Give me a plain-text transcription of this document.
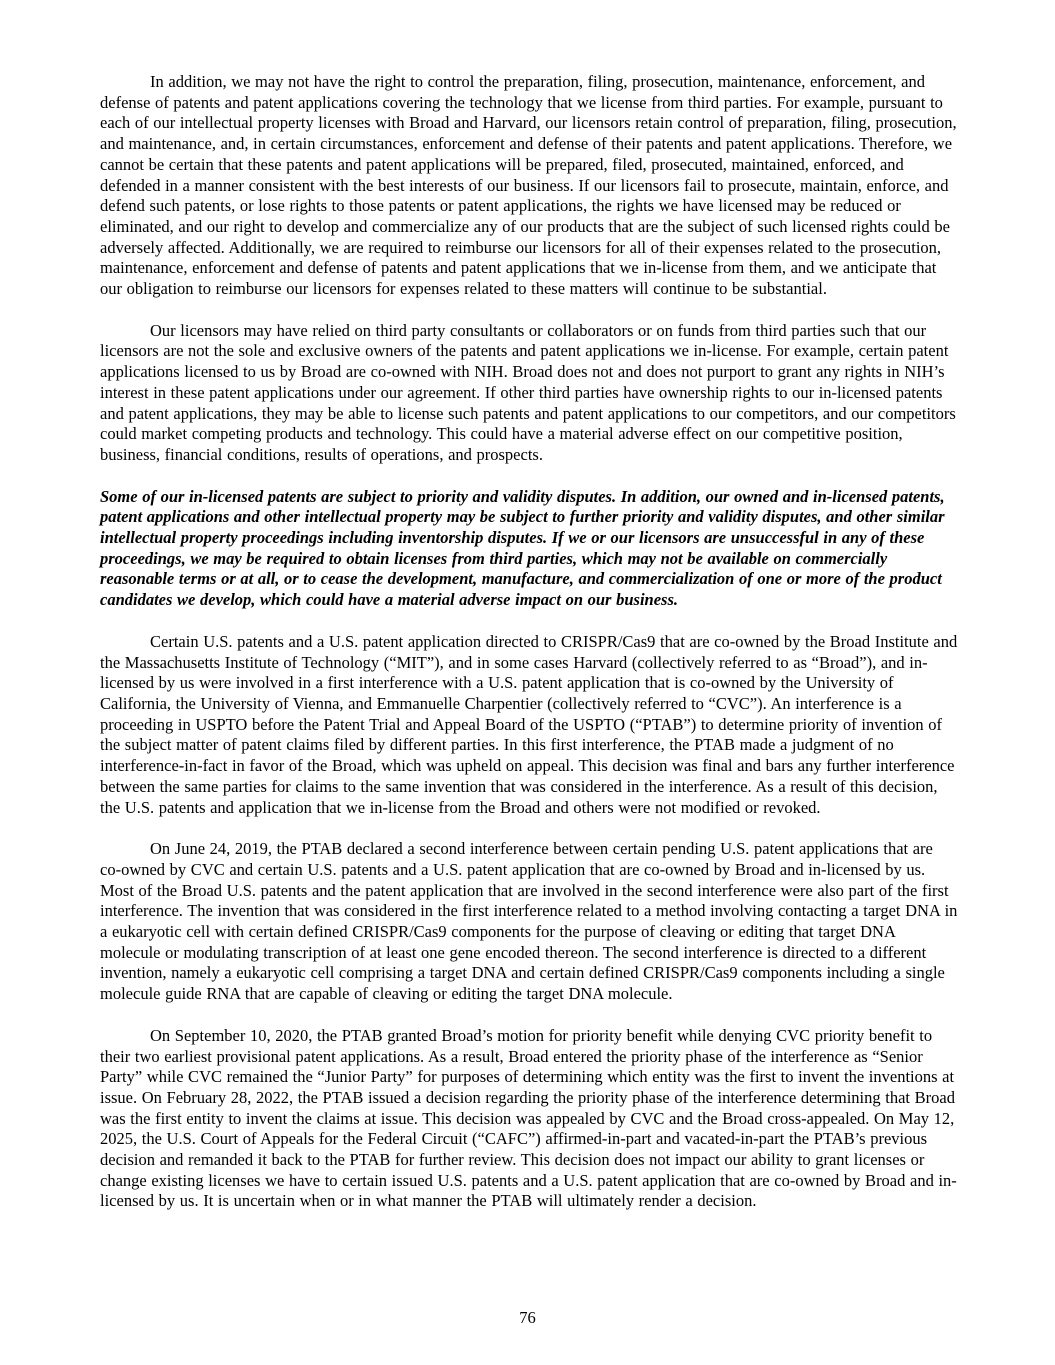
In addition, we may not have the right to control the preparation, filing, prosecution, maintenance, enforcement, and defense of patents and patent applications covering the technology that we license from third parties. For example, pursuant to each of our intellectual property licenses with Broad and Harvard, our licensors retain control of preparation, filing, prosecution, and maintenance, and, in certain circumstances, enforcement and defense of their patents and patent applications. Therefore, we cannot be certain that these patents and patent applications will be prepared, filed, prosecuted, maintained, enforced, and defended in a manner consistent with the best interests of our business. If our licensors fail to prosecute, maintain, enforce, and defend such patents, or lose rights to those patents or patent applications, the rights we have licensed may be reduced or eliminated, and our right to develop and commercialize any of our products that are the subject of such licensed rights could be adversely affected. Additionally, we are required to reimburse our licensors for all of their expenses related to the prosecution, maintenance, enforcement and defense of patents and patent applications that we in-license from them, and we anticipate that our obligation to reimburse our licensors for expenses related to these matters will continue to be substantial.

Our licensors may have relied on third party consultants or collaborators or on funds from third parties such that our licensors are not the sole and exclusive owners of the patents and patent applications we in-license. For example, certain patent applications licensed to us by Broad are co-owned with NIH. Broad does not and does not purport to grant any rights in NIH’s interest in these patent applications under our agreement. If other third parties have ownership rights to our in-licensed patents and patent applications, they may be able to license such patents and patent applications to our competitors, and our competitors could market competing products and technology. This could have a material adverse effect on our competitive position, business, financial conditions, results of operations, and prospects.

Some of our in-licensed patents are subject to priority and validity disputes. In addition, our owned and in-licensed patents, patent applications and other intellectual property may be subject to further priority and validity disputes, and other similar intellectual property proceedings including inventorship disputes. If we or our licensors are unsuccessful in any of these proceedings, we may be required to obtain licenses from third parties, which may not be available on commercially reasonable terms or at all, or to cease the development, manufacture, and commercialization of one or more of the product candidates we develop, which could have a material adverse impact on our business.

Certain U.S. patents and a U.S. patent application directed to CRISPR/Cas9 that are co-owned by the Broad Institute and the Massachusetts Institute of Technology (“MIT”), and in some cases Harvard (collectively referred to as “Broad”), and in-licensed by us were involved in a first interference with a U.S. patent application that is co-owned by the University of California, the University of Vienna, and Emmanuelle Charpentier (collectively referred to “CVC”). An interference is a proceeding in USPTO before the Patent Trial and Appeal Board of the USPTO (“PTAB”) to determine priority of invention of the subject matter of patent claims filed by different parties. In this first interference, the PTAB made a judgment of no interference-in-fact in favor of the Broad, which was upheld on appeal. This decision was final and bars any further interference between the same parties for claims to the same invention that was considered in the interference. As a result of this decision, the U.S. patents and application that we in-license from the Broad and others were not modified or revoked.

On June 24, 2019, the PTAB declared a second interference between certain pending U.S. patent applications that are co-owned by CVC and certain U.S. patents and a U.S. patent application that are co-owned by Broad and in-licensed by us. Most of the Broad U.S. patents and the patent application that are involved in the second interference were also part of the first interference. The invention that was considered in the first interference related to a method involving contacting a target DNA in a eukaryotic cell with certain defined CRISPR/Cas9 components for the purpose of cleaving or editing that target DNA molecule or modulating transcription of at least one gene encoded thereon. The second interference is directed to a different invention, namely a eukaryotic cell comprising a target DNA and certain defined CRISPR/Cas9 components including a single molecule guide RNA that are capable of cleaving or editing the target DNA molecule.

On September 10, 2020, the PTAB granted Broad’s motion for priority benefit while denying CVC priority benefit to their two earliest provisional patent applications. As a result, Broad entered the priority phase of the interference as “Senior Party” while CVC remained the “Junior Party” for purposes of determining which entity was the first to invent the inventions at issue. On February 28, 2022, the PTAB issued a decision regarding the priority phase of the interference determining that Broad was the first entity to invent the claims at issue. This decision was appealed by CVC and the Broad cross-appealed. On May 12, 2025, the U.S. Court of Appeals for the Federal Circuit (“CAFC”) affirmed-in-part and vacated-in-part the PTAB’s previous decision and remanded it back to the PTAB for further review. This decision does not impact our ability to grant licenses or change existing licenses we have to certain issued U.S. patents and a U.S. patent application that are co-owned by Broad and in-licensed by us. It is uncertain when or in what manner the PTAB will ultimately render a decision.

76
